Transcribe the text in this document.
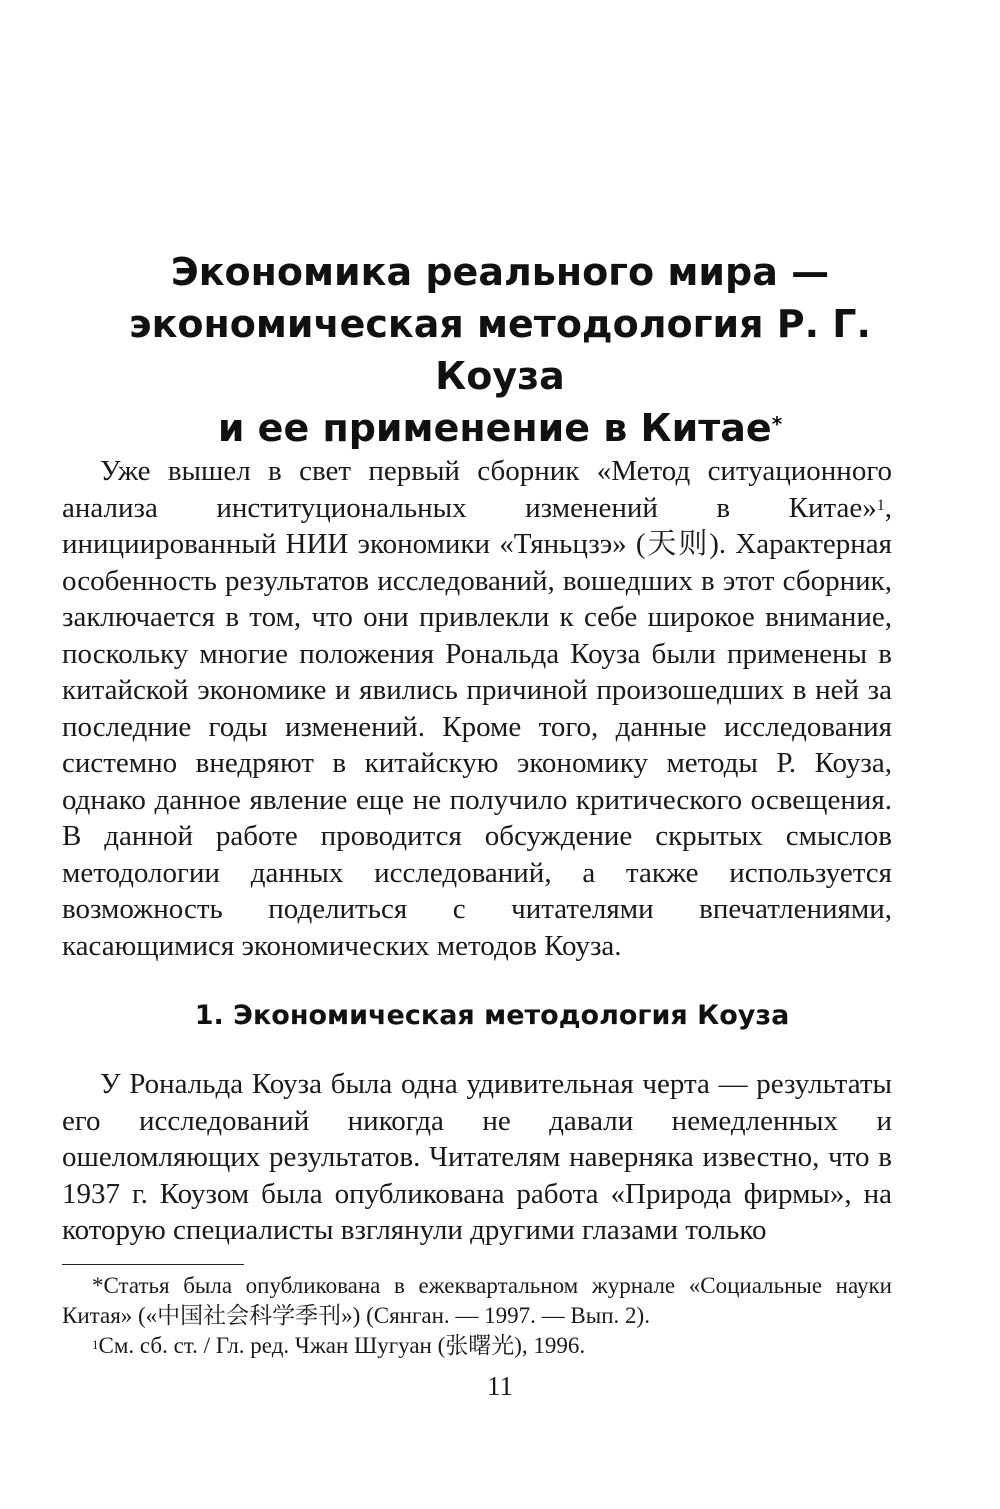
Экономика реального мира —
экономическая методология Р. Г. Коуза
и ее применение в Китае*

Уже вышел в свет первый сборник «Метод ситуационного анализа институциональных изменений в Китае»$^1$, инициированный НИИ экономики «Тяньцзэ» (天则). Характерная особенность результатов исследований, вошедших в этот сборник, заключается в том, что они привлекли к себе широкое внимание, поскольку многие положения Рональда Коуза были применены в китайской экономике и явились причиной произошедших в ней за последние годы изменений. Кроме того, данные исследования системно внедряют в китайскую экономику методы Р. Коуза, однако данное явление еще не получило критического освещения. В данной работе проводится обсуждение скрытых смыслов методологии данных исследований, а также используется возможность поделиться с читателями впечатлениями, касающимися экономических методов Коуза.

1. Экономическая методология Коуза

У Рональда Коуза была одна удивительная черта — результаты его исследований никогда не давали немедленных и ошеломляющих результатов. Читателям наверняка известно, что в 1937 г. Коузом была опубликована работа «Природа фирмы», на которую специалисты взглянули другими глазами только

*Статья была опубликована в ежеквартальном журнале «Социальные науки Китая» («中国社会科学季刊») (Сянган. — 1997. — Вып. 2).

$^1$См. сб. ст. / Гл. ред. Чжан Шугуан (张曙光), 1996.

11
